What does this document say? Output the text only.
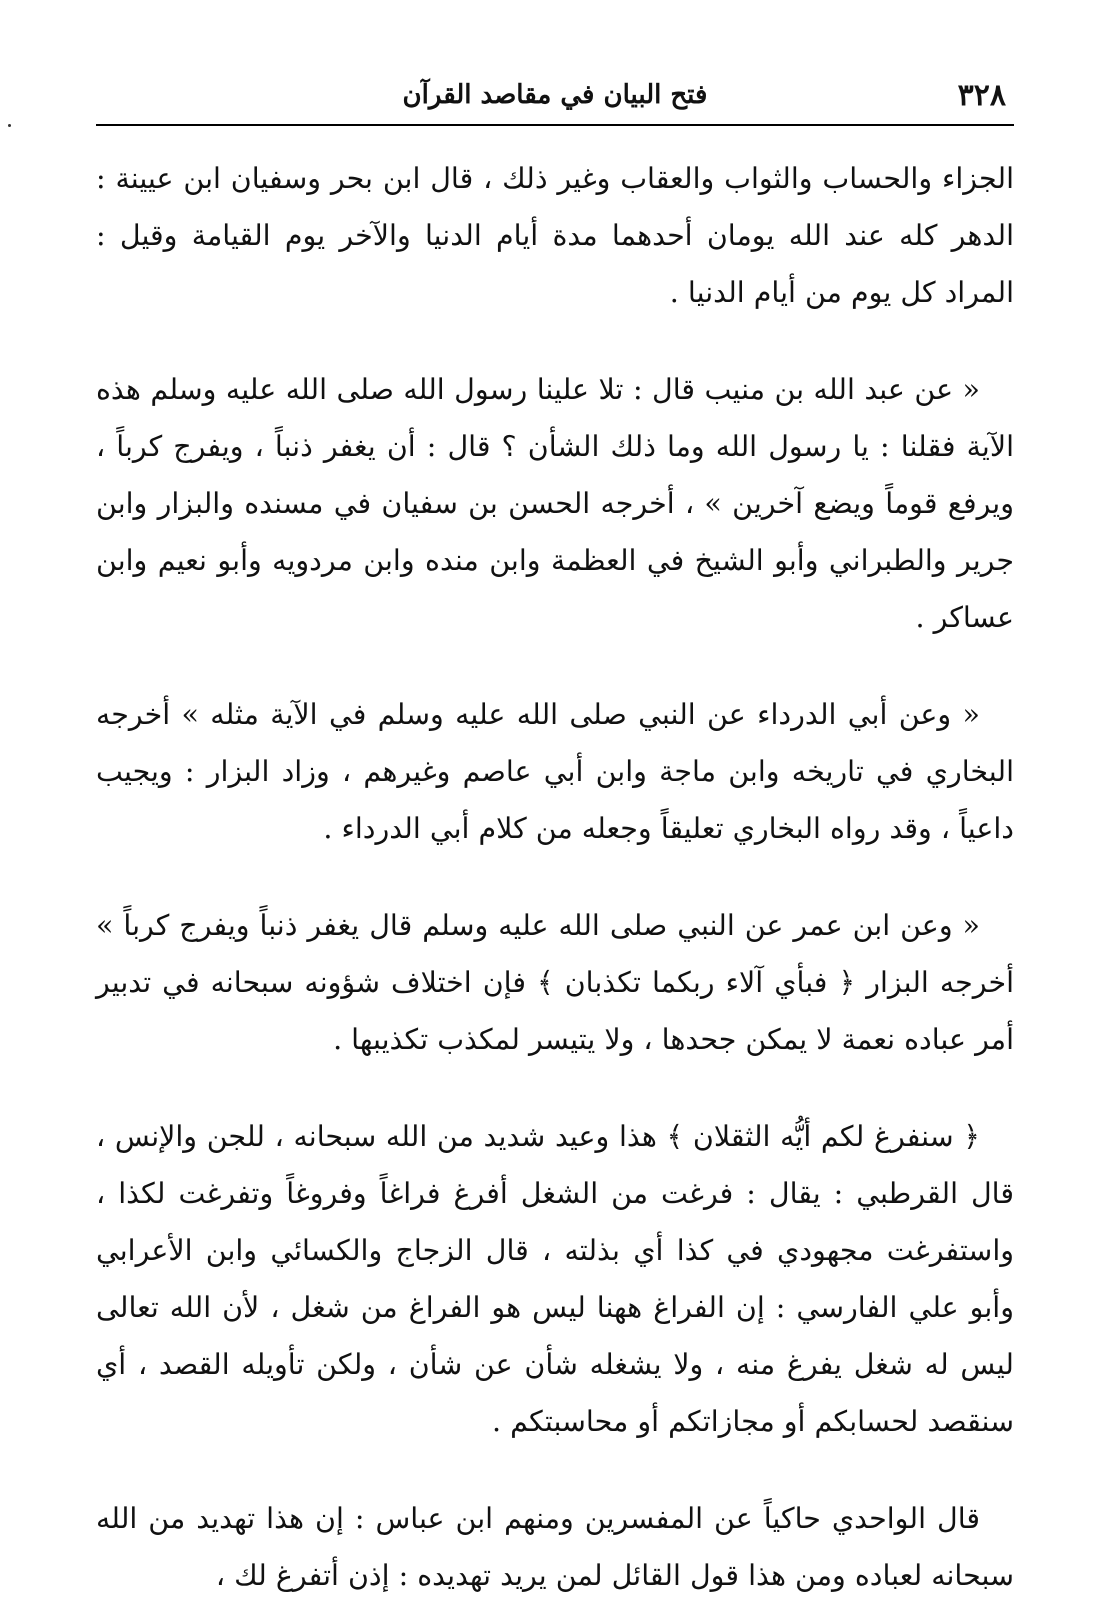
٣٢٨
فتح البيان في مقاصد القرآن

الجزاء والحساب والثواب والعقاب وغير ذلك ، قال ابن بحر وسفيان ابن عيينة : الدهر كله عند الله يومان أحدهما مدة أيام الدنيا والآخر يوم القيامة وقيل : المراد كل يوم من أيام الدنيا .

« عن عبد الله بن منيب قال : تلا علينا رسول الله صلى الله عليه وسلم هذه الآية فقلنا : يا رسول الله وما ذلك الشأن ؟ قال : أن يغفر ذنباً ، ويفرج كرباً ، ويرفع قوماً ويضع آخرين » ، أخرجه الحسن بن سفيان في مسنده والبزار وابن جرير والطبراني وأبو الشيخ في العظمة وابن منده وابن مردويه وأبو نعيم وابن عساكر .

« وعن أبي الدرداء عن النبي صلى الله عليه وسلم في الآية مثله » أخرجه البخاري في تاريخه وابن ماجة وابن أبي عاصم وغيرهم ، وزاد البزار : ويجيب داعياً ، وقد رواه البخاري تعليقاً وجعله من كلام أبي الدرداء .

« وعن ابن عمر عن النبي صلى الله عليه وسلم قال يغفر ذنباً ويفرج كرباً » أخرجه البزار ﴿ فبأي آلاء ربكما تكذبان ﴾ فإن اختلاف شؤونه سبحانه في تدبير أمر عباده نعمة لا يمكن جحدها ، ولا يتيسر لمكذب تكذيبها .

﴿ سنفرغ لكم أيُّه الثقلان ﴾ هذا وعيد شديد من الله سبحانه ، للجن والإنس ، قال القرطبي : يقال : فرغت من الشغل أفرغ فراغاً وفروغاً وتفرغت لكذا ، واستفرغت مجهودي في كذا أي بذلته ، قال الزجاج والكسائي وابن الأعرابي وأبو علي الفارسي : إن الفراغ ههنا ليس هو الفراغ من شغل ، لأن الله تعالى ليس له شغل يفرغ منه ، ولا يشغله شأن عن شأن ، ولكن تأويله القصد ، أي سنقصد لحسابكم أو مجازاتكم أو محاسبتكم .

قال الواحدي حاكياً عن المفسرين ومنهم ابن عباس : إن هذا تهديد من الله سبحانه لعباده ومن هذا قول القائل لمن يريد تهديده : إذن أتفرغ لك ،
